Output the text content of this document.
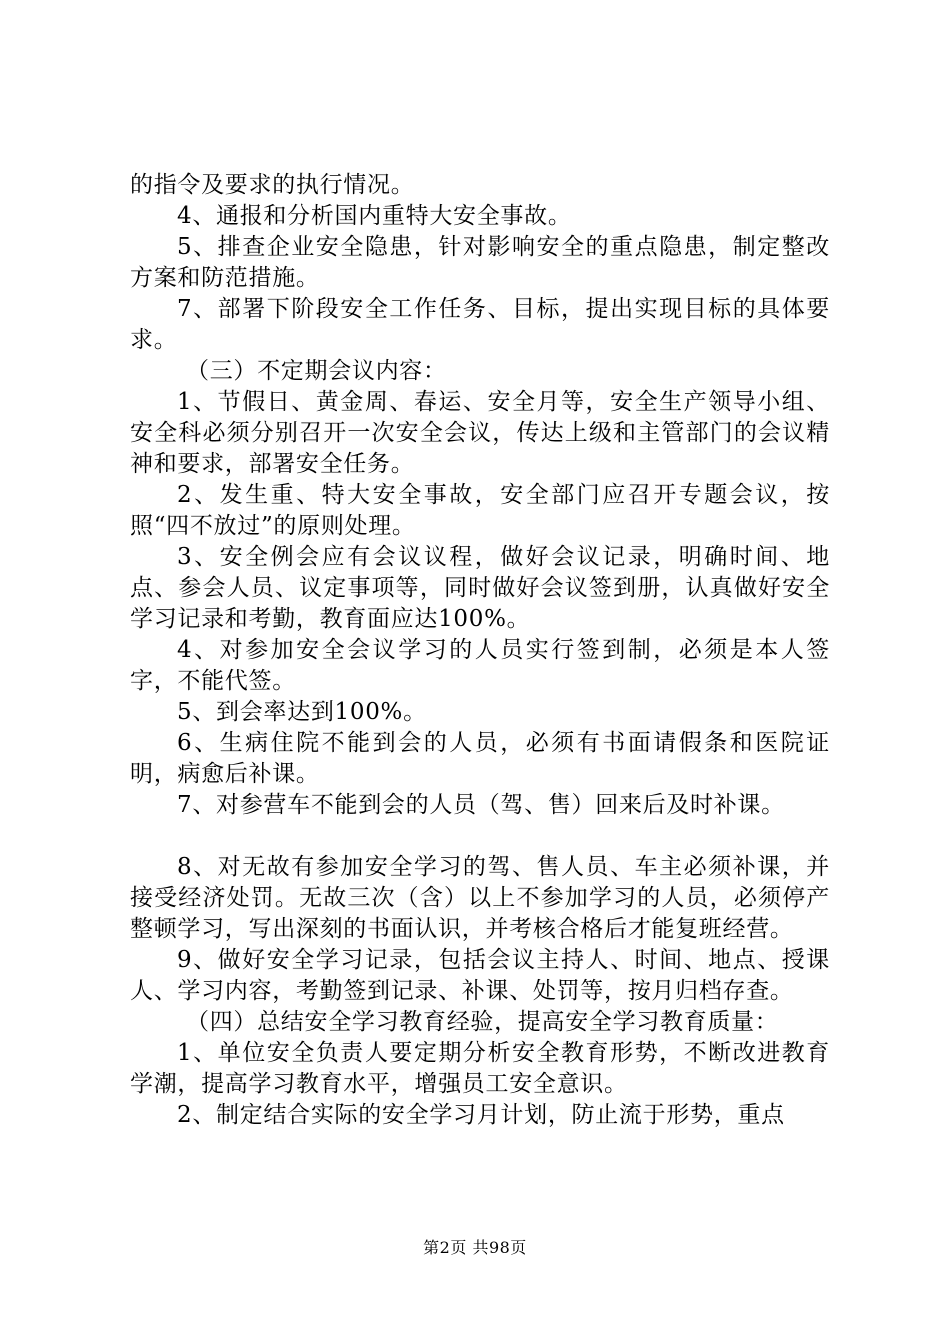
的指令及要求的执行情况。

4、通报和分析国内重特大安全事故。

5、排查企业安全隐患，针对影响安全的重点隐患，制定整改方案和防范措施。

7、部署下阶段安全工作任务、目标，提出实现目标的具体要求。

（三）不定期会议内容：

1、节假日、黄金周、春运、安全月等，安全生产领导小组、安全科必须分别召开一次安全会议，传达上级和主管部门的会议精神和要求，部署安全任务。

2、发生重、特大安全事故，安全部门应召开专题会议，按照“四不放过”的原则处理。

3、安全例会应有会议议程，做好会议记录，明确时间、地点、参会人员、议定事项等，同时做好会议签到册，认真做好安全学习记录和考勤，教育面应达100%。

4、对参加安全会议学习的人员实行签到制，必须是本人签字，不能代签。

5、到会率达到100%。

6、生病住院不能到会的人员，必须有书面请假条和医院证明，病愈后补课。

7、对参营车不能到会的人员（驾、售）回来后及时补课。

8、对无故有参加安全学习的驾、售人员、车主必须补课，并接受经济处罚。无故三次（含）以上不参加学习的人员，必须停产整顿学习，写出深刻的书面认识，并考核合格后才能复班经营。

9、做好安全学习记录，包括会议主持人、时间、地点、授课人、学习内容，考勤签到记录、补课、处罚等，按月归档存查。

（四）总结安全学习教育经验，提高安全学习教育质量：

1、单位安全负责人要定期分析安全教育形势，不断改进教育学潮，提高学习教育水平，增强员工安全意识。

2、制定结合实际的安全学习月计划，防止流于形势，重点

第2页 共98页
